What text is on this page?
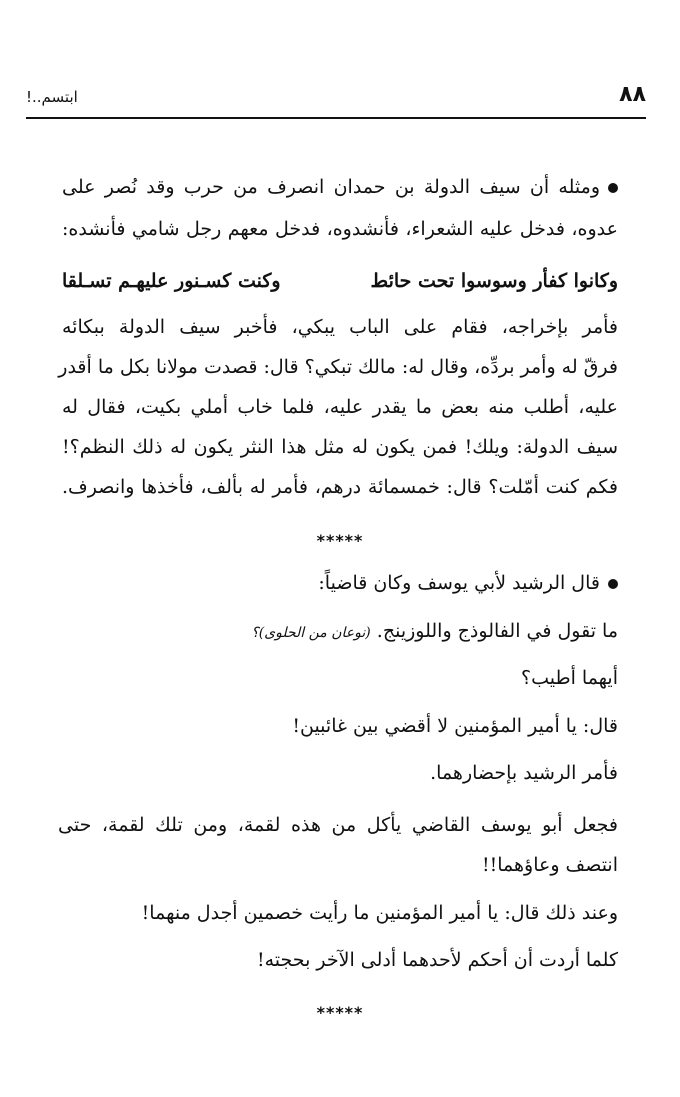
ابتسم..!	٨٨
ومثله أن سيف الدولة بن حمدان انصرف من حرب وقد نُصر على
عدوه، فدخل عليه الشعراء، فأنشدوه، فدخل معهم رجل شامي فأنشده:
وكانوا كفأر وسوسوا تحت حائط
وكنت كسـنور عليهـم تسـلقا
فأمر بإخراجه، فقام على الباب يبكي، فأخبر سيف الدولة ببكائه
فرقّ له وأمر بردِّه، وقال له: مالك تبكي؟ قال: قصدت مولانا بكل ما أقدر
عليه، أطلب منه بعض ما يقدر عليه، فلما خاب أملي بكيت، فقال له
سيف الدولة: ويلك! فمن يكون له مثل هذا النثر يكون له ذلك النظم؟!
فكم كنت أمّلت؟ قال: خمسمائة درهم، فأمر له بألف، فأخذها وانصرف.
*****
قال الرشيد لأبي يوسف وكان قاضياً:
ما تقول في الفالوذج واللوزينج. (نوعان من الحلوى)؟
أيهما أطيب؟
قال: يا أمير المؤمنين لا أقضي بين غائبين!
فأمر الرشيد بإحضارهما.
فجعل أبو يوسف القاضي يأكل من هذه لقمة، ومن تلك لقمة، حتى
انتصف وعاؤهما!!
وعند ذلك قال: يا أمير المؤمنين ما رأيت خصمين أجدل منهما!
كلما أردت أن أحكم لأحدهما أدلى الآخر بحجته!
*****
